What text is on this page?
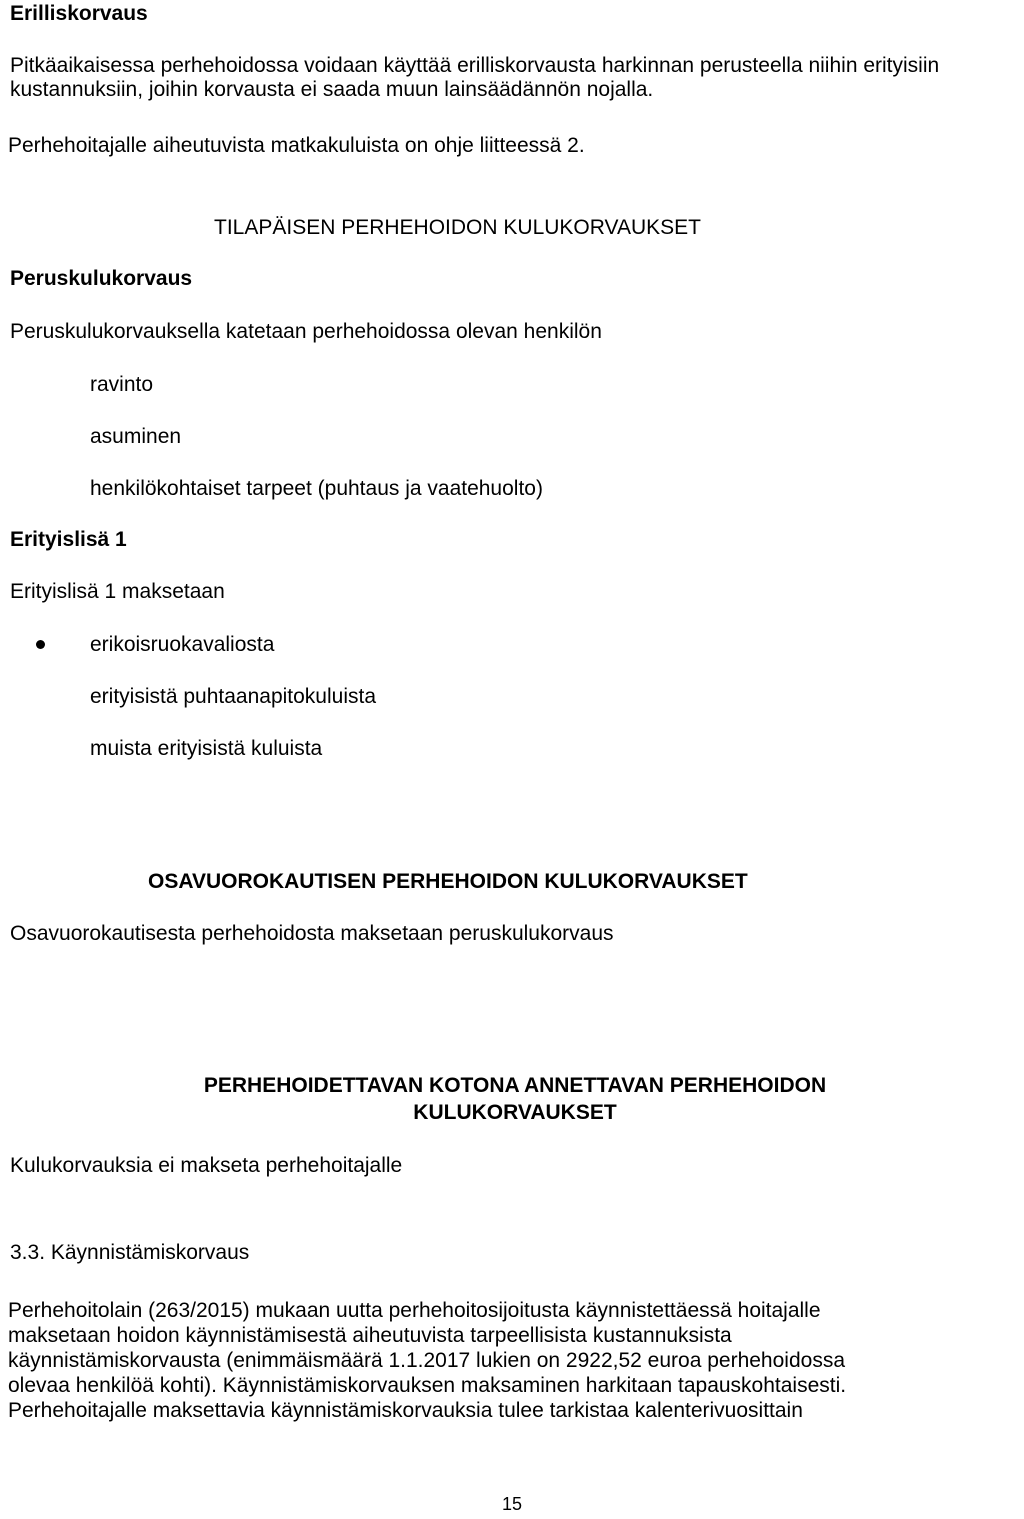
Erilliskorvaus
Pitkäaikaisessa perhehoidossa voidaan käyttää erilliskorvausta harkinnan perusteella niihin erityisiin kustannuksiin, joihin korvausta ei saada muun lainsäädännön nojalla.
Perhehoitajalle aiheutuvista matkakuluista on ohje liitteessä 2.
TILAPÄISEN PERHEHOIDON KULUKORVAUKSET
Peruskulukorvaus
Peruskulukorvauksella katetaan perhehoidossa olevan henkilön
ravinto
asuminen
henkilökohtaiset tarpeet (puhtaus ja vaatehuolto)
Erityislisä 1
Erityislisä 1 maksetaan
erikoisruokavaliosta
erityisistä puhtaanapitokuluista
muista erityisistä kuluista
OSAVUOROKAUTISEN PERHEHOIDON KULUKORVAUKSET
Osavuorokautisesta perhehoidosta maksetaan peruskulukorvaus
PERHEHOIDETTAVAN KOTONA ANNETTAVAN PERHEHOIDON
KULUKORVAUKSET
Kulukorvauksia ei makseta perhehoitajalle
3.3. Käynnistämiskorvaus
Perhehoitolain (263/2015) mukaan uutta perhehoitosijoitusta käynnistettäessä hoitajalle
maksetaan hoidon käynnistämisestä aiheutuvista tarpeellisista kustannuksista
käynnistämiskorvausta (enimmäismäärä 1.1.2017 lukien on 2922,52 euroa perhehoidossa
olevaa henkilöä kohti). Käynnistämiskorvauksen maksaminen harkitaan tapauskohtaisesti.
Perhehoitajalle maksettavia käynnistämiskorvauksia tulee tarkistaa kalenterivuosittain
15
